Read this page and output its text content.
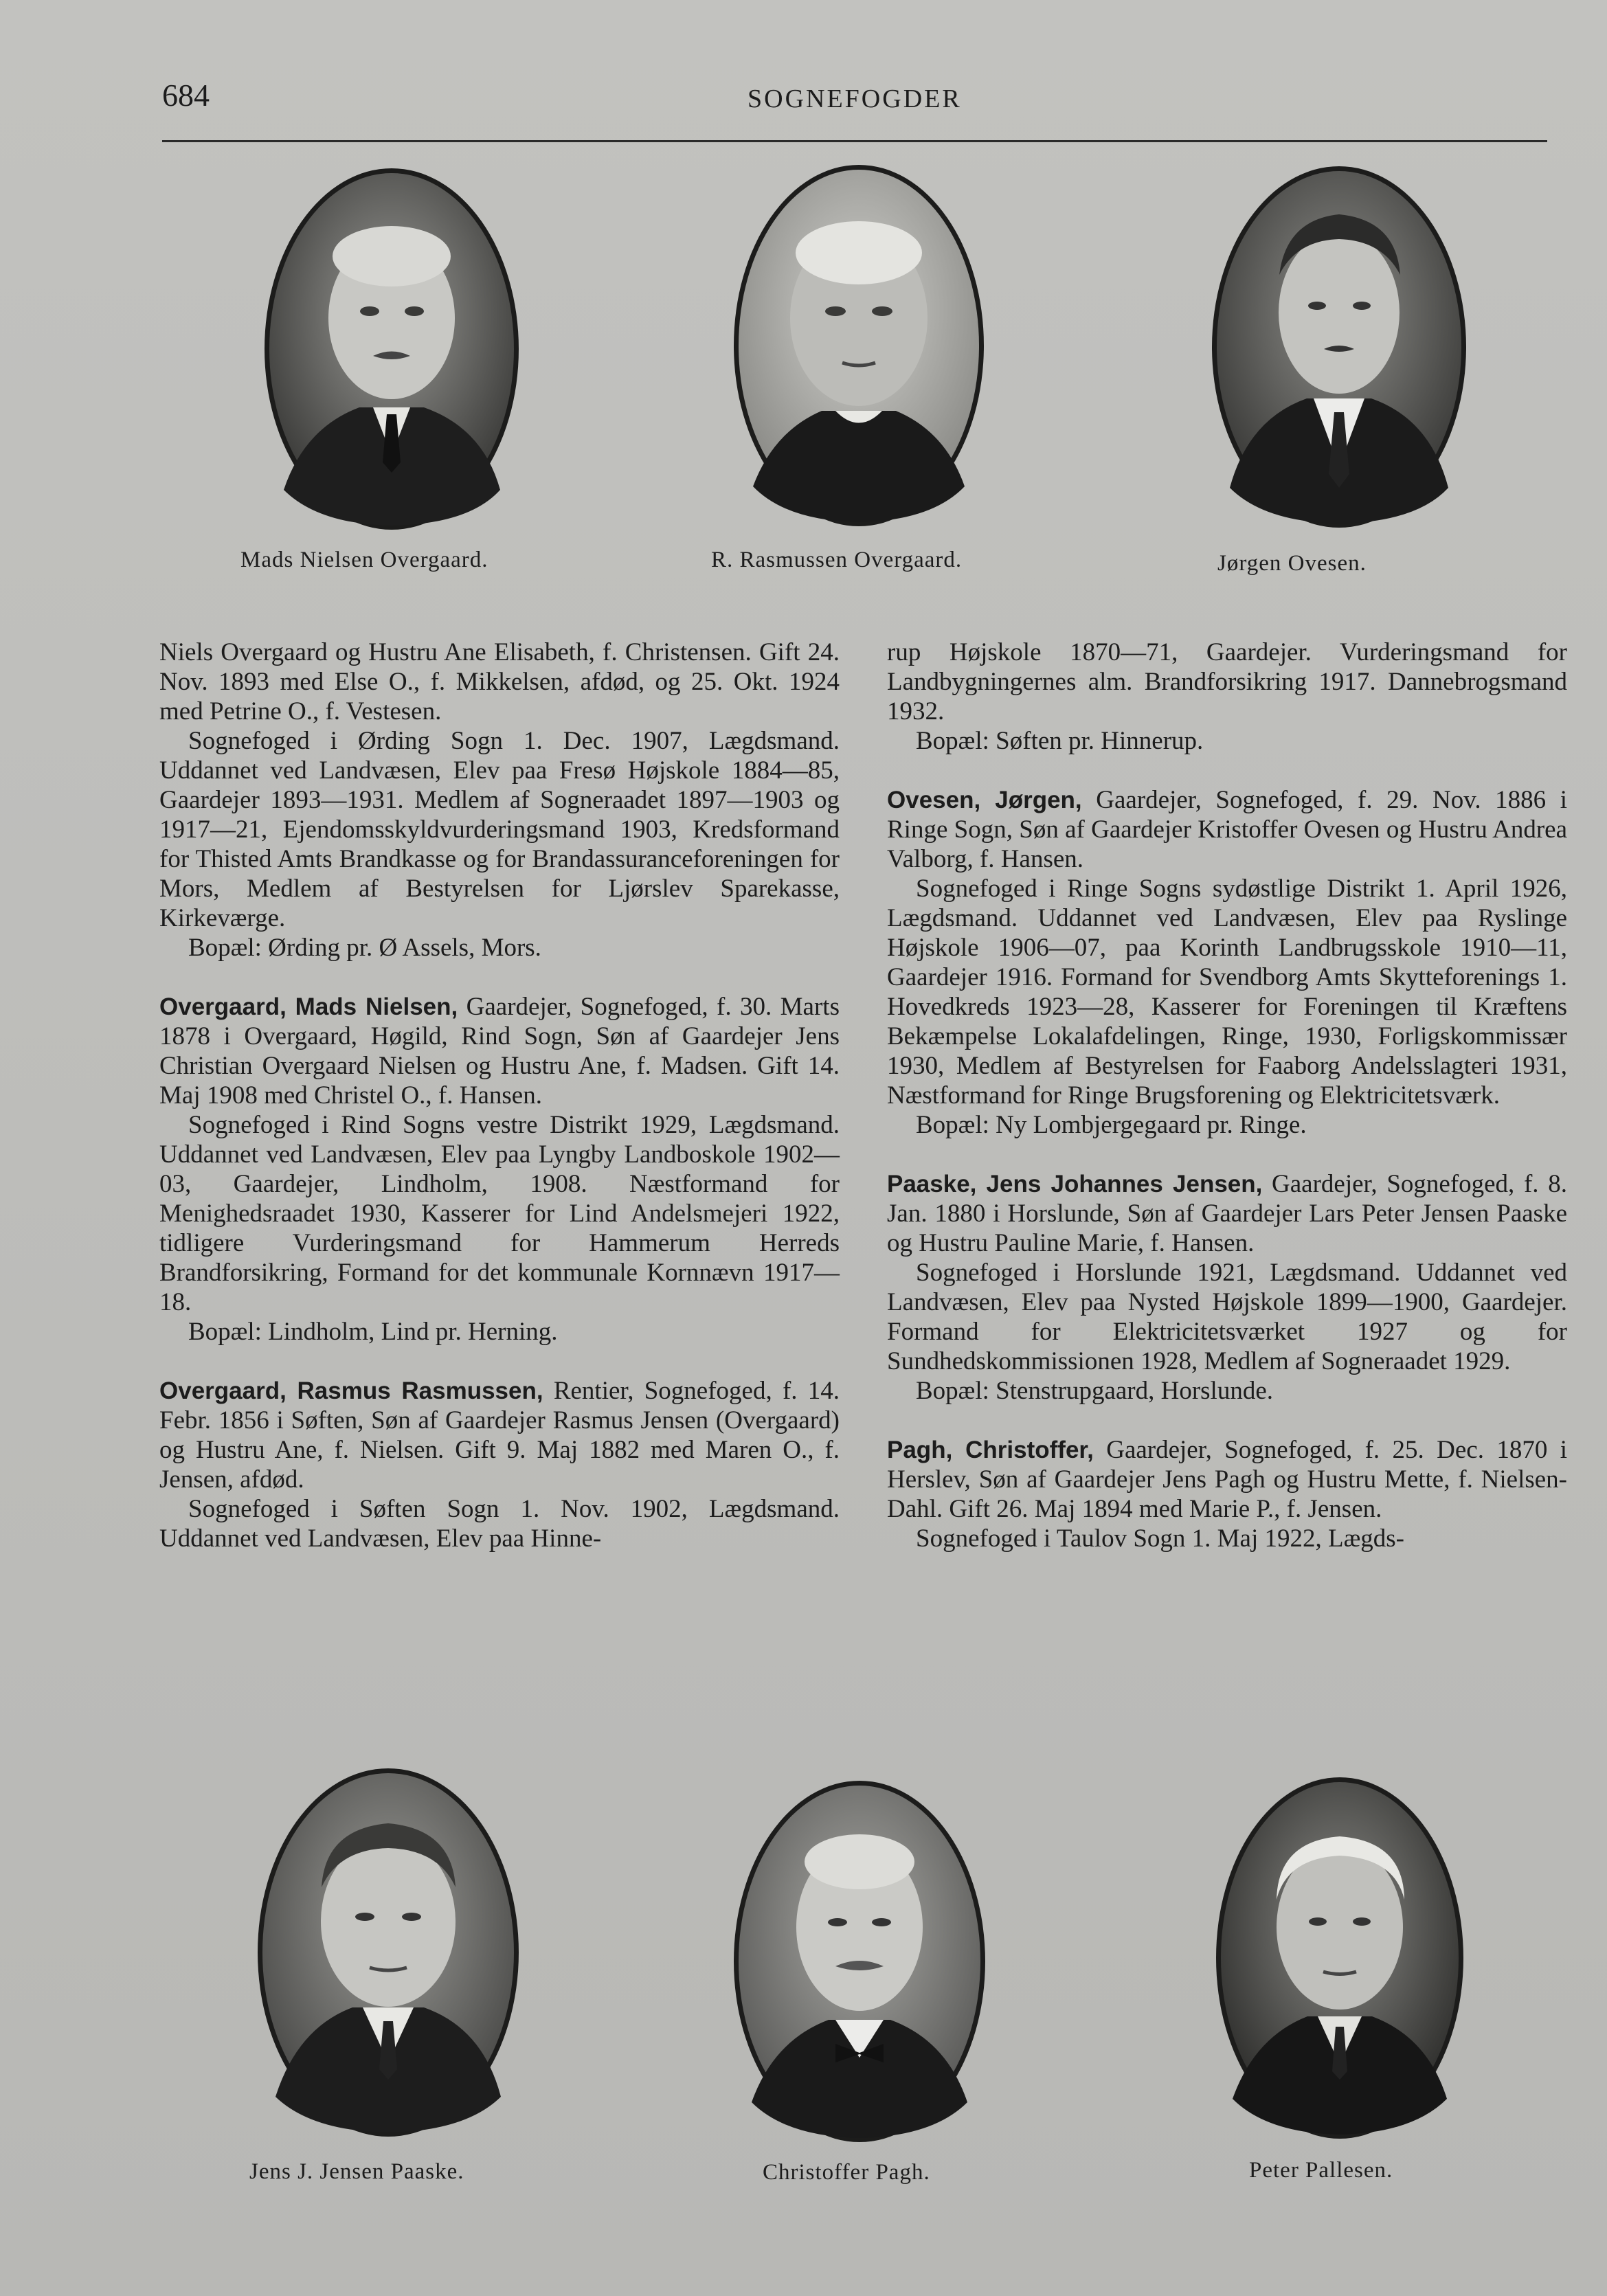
684	SOGNEFOGDER
Mads Nielsen Overgaard.	R. Rasmussen Overgaard.	Jørgen Ovesen.

Niels Overgaard og Hustru Ane Elisabeth, f. Christensen. Gift 24. Nov. 1893 med Else O., f. Mikkelsen, afdød, og 25. Okt. 1924 med Petrine O., f. Vestesen.

Sognefoged i Ørding Sogn 1. Dec. 1907, Lægdsmand. Uddannet ved Landvæsen, Elev paa Fresø Højskole 1884—85, Gaardejer 1893—1931. Medlem af Sogneraadet 1897—1903 og 1917—21, Ejendomsskyldvurderingsmand 1903, Kredsformand for Thisted Amts Brandkasse og for Brandassuranceforeningen for Mors, Medlem af Bestyrelsen for Ljørslev Sparekasse, Kirkeværge.

Bopæl: Ørding pr. Ø Assels, Mors.

Overgaard, Mads Nielsen, Gaardejer, Sognefoged, f. 30. Marts 1878 i Overgaard, Høgild, Rind Sogn, Søn af Gaardejer Jens Christian Overgaard Nielsen og Hustru Ane, f. Madsen. Gift 14. Maj 1908 med Christel O., f. Hansen.

Sognefoged i Rind Sogns vestre Distrikt 1929, Lægdsmand. Uddannet ved Landvæsen, Elev paa Lyngby Landboskole 1902—03, Gaardejer, Lindholm, 1908. Næstformand for Menighedsraadet 1930, Kasserer for Lind Andelsmejeri 1922, tidligere Vurderingsmand for Hammerum Herreds Brandforsikring, Formand for det kommunale Kornnævn 1917—18.

Bopæl: Lindholm, Lind pr. Herning.

Overgaard, Rasmus Rasmussen, Rentier, Sognefoged, f. 14. Febr. 1856 i Søften, Søn af Gaardejer Rasmus Jensen (Overgaard) og Hustru Ane, f. Nielsen. Gift 9. Maj 1882 med Maren O., f. Jensen, afdød.

Sognefoged i Søften Sogn 1. Nov. 1902, Lægdsmand. Uddannet ved Landvæsen, Elev paa Hinne-

rup Højskole 1870—71, Gaardejer. Vurderingsmand for Landbygningernes alm. Brandforsikring 1917. Dannebrogsmand 1932.

Bopæl: Søften pr. Hinnerup.

Ovesen, Jørgen, Gaardejer, Sognefoged, f. 29. Nov. 1886 i Ringe Sogn, Søn af Gaardejer Kristoffer Ovesen og Hustru Andrea Valborg, f. Hansen.

Sognefoged i Ringe Sogns sydøstlige Distrikt 1. April 1926, Lægdsmand. Uddannet ved Landvæsen, Elev paa Ryslinge Højskole 1906—07, paa Korinth Landbrugsskole 1910—11, Gaardejer 1916. Formand for Svendborg Amts Skytteforenings 1. Hovedkreds 1923—28, Kasserer for Foreningen til Kræftens Bekæmpelse Lokalafdelingen, Ringe, 1930, Forligskommissær 1930, Medlem af Bestyrelsen for Faaborg Andelsslagteri 1931, Næstformand for Ringe Brugsforening og Elektricitetsværk.

Bopæl: Ny Lombjergegaard pr. Ringe.

Paaske, Jens Johannes Jensen, Gaardejer, Sognefoged, f. 8. Jan. 1880 i Horslunde, Søn af Gaardejer Lars Peter Jensen Paaske og Hustru Pauline Marie, f. Hansen.

Sognefoged i Horslunde 1921, Lægdsmand. Uddannet ved Landvæsen, Elev paa Nysted Højskole 1899—1900, Gaardejer. Formand for Elektricitetsværket 1927 og for Sundhedskommissionen 1928, Medlem af Sogneraadet 1929.

Bopæl: Stenstrupgaard, Horslunde.

Pagh, Christoffer, Gaardejer, Sognefoged, f. 25. Dec. 1870 i Herslev, Søn af Gaardejer Jens Pagh og Hustru Mette, f. Nielsen-Dahl. Gift 26. Maj 1894 med Marie P., f. Jensen.

Sognefoged i Taulov Sogn 1. Maj 1922, Lægds-

Jens J. Jensen Paaske.	Christoffer Pagh.	Peter Pallesen.
